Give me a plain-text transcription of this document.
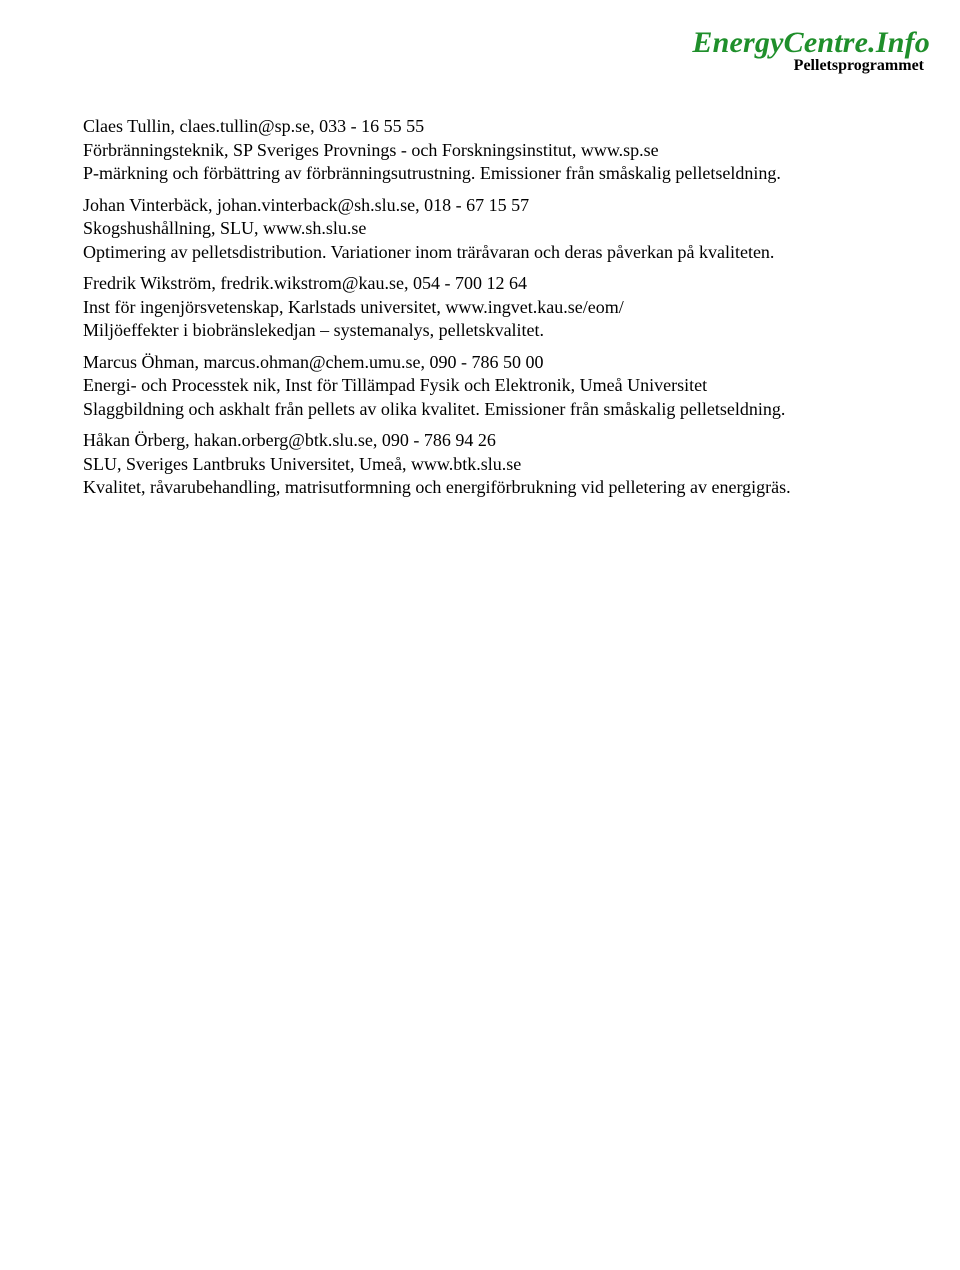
EnergyCentre.Info
Pelletsprogrammet
Claes Tullin, claes.tullin@sp.se, 033 - 16 55 55
Förbränningsteknik, SP Sveriges Provnings - och Forskningsinstitut, www.sp.se
P-märkning och förbättring av förbränningsutrustning. Emissioner från småskalig pelletseldning.
Johan Vinterbäck, johan.vinterback@sh.slu.se, 018 - 67 15 57
Skogshushållning, SLU, www.sh.slu.se
Optimering av pelletsdistribution. Variationer inom träråvaran och deras påverkan på kvaliteten.
Fredrik Wikström, fredrik.wikstrom@kau.se, 054 - 700 12 64
Inst för ingenjörsvetenskap, Karlstads universitet, www.ingvet.kau.se/eom/
Miljöeffekter i biobränslekedjan – systemanalys, pelletskvalitet.
Marcus Öhman, marcus.ohman@chem.umu.se, 090 - 786 50 00
Energi- och Processtek nik, Inst för Tillämpad Fysik och Elektronik, Umeå Universitet
Slaggbildning och askhalt från pellets av olika kvalitet. Emissioner från småskalig pelletseldning.
Håkan Örberg, hakan.orberg@btk.slu.se, 090 - 786 94 26
SLU, Sveriges Lantbruks Universitet, Umeå, www.btk.slu.se
Kvalitet, råvarubehandling, matrisutformning och energiförbrukning vid pelletering av energigräs.
